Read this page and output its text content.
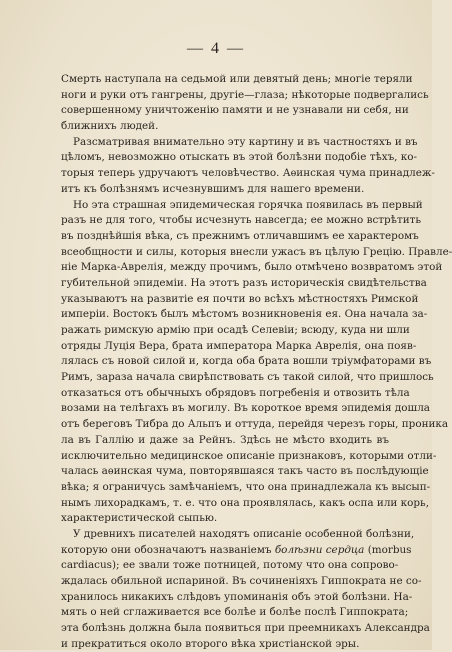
— 4 —
Смерть наступала на седьмой или девятый день; многіе теряли
ноги и руки отъ гангрены, другіе—глаза; нѣкоторые подвергались
совершенному уничтоженію памяти и не узнавали ни себя, ни
ближнихъ людей.
Разсматривая внимательно эту картину и въ частностяхъ и въ
цѣломъ, невозможно отыскать въ этой болѣзни подобіе тѣхъ, ко-
торыя теперь удручаютъ человѣчество. Аѳинская чума принадлеж-
итъ къ болѣзнямъ исчезнувшимъ для нашего времени.
Но эта страшная эпидемическая горячка появилась въ первый
разъ не для того, чтобы исчезнуть навсегда; ее можно встрѣтить
въ позднѣйшія вѣка, съ прежнимъ отличавшимъ ее характеромъ
всеобщности и силы, которыя внесли ужасъ въ цѣлую Грецію. Правле-
ніе Марка-Аврелія, между прочимъ, было отмѣчено возвратомъ этой
губительной эпидеміи. На этотъ разъ историческія свидѣтельства
указываютъ на развитіе ея почти во всѣхъ мѣстностяхъ Римской
имперіи. Востокъ былъ мѣстомъ возникновенія ея. Она начала за-
ражать римскую армію при осадѣ Селевіи; всюду, куда ни шли
отряды Луція Вера, брата императора Марка Аврелія, она появ-
лялась съ новой силой и, когда оба брата вошли тріумфаторами въ
Римъ, зараза начала свирѣпствовать съ такой силой, что пришлось
отказаться отъ обычныхъ обрядовъ погребенія и отвозить тѣла
возами на телѣгахъ въ могилу. Въ короткое время эпидемія дошла
отъ береговъ Тибра до Альпъ и оттуда, перейдя черезъ горы, проника
ла въ Галлію и даже за Рейнъ. Здѣсь не мѣсто входить въ
исключительно медицинское описаніе признаковъ, которыми отли-
чалась аѳинская чума, повторявшаяся такъ часто въ послѣдующіе
вѣка; я ограничусь замѣчаніемъ, что она принадлежала къ высып-
нымъ лихорадкамъ, т. е. что она проявлялась, какъ оспа или корь,
характеристической сыпью.
У древнихъ писателей находятъ описаніе особенной болѣзни,
которую они обозначаютъ названіемъ болѣзни сердца (morbus
cardiacus); ее звали тоже потницей, потому что она сопрово-
ждалась обильной испариной. Въ сочиненіяхъ Гиппократа не со-
хранилось никакихъ слѣдовъ упоминанія объ этой болѣзни. На-
мять о ней сглаживается все болѣе и болѣе послѣ Гиппократа;
эта болѣзнь должна была появиться при преемникахъ Александра
и прекратиться около второго вѣка христіанской эры.
